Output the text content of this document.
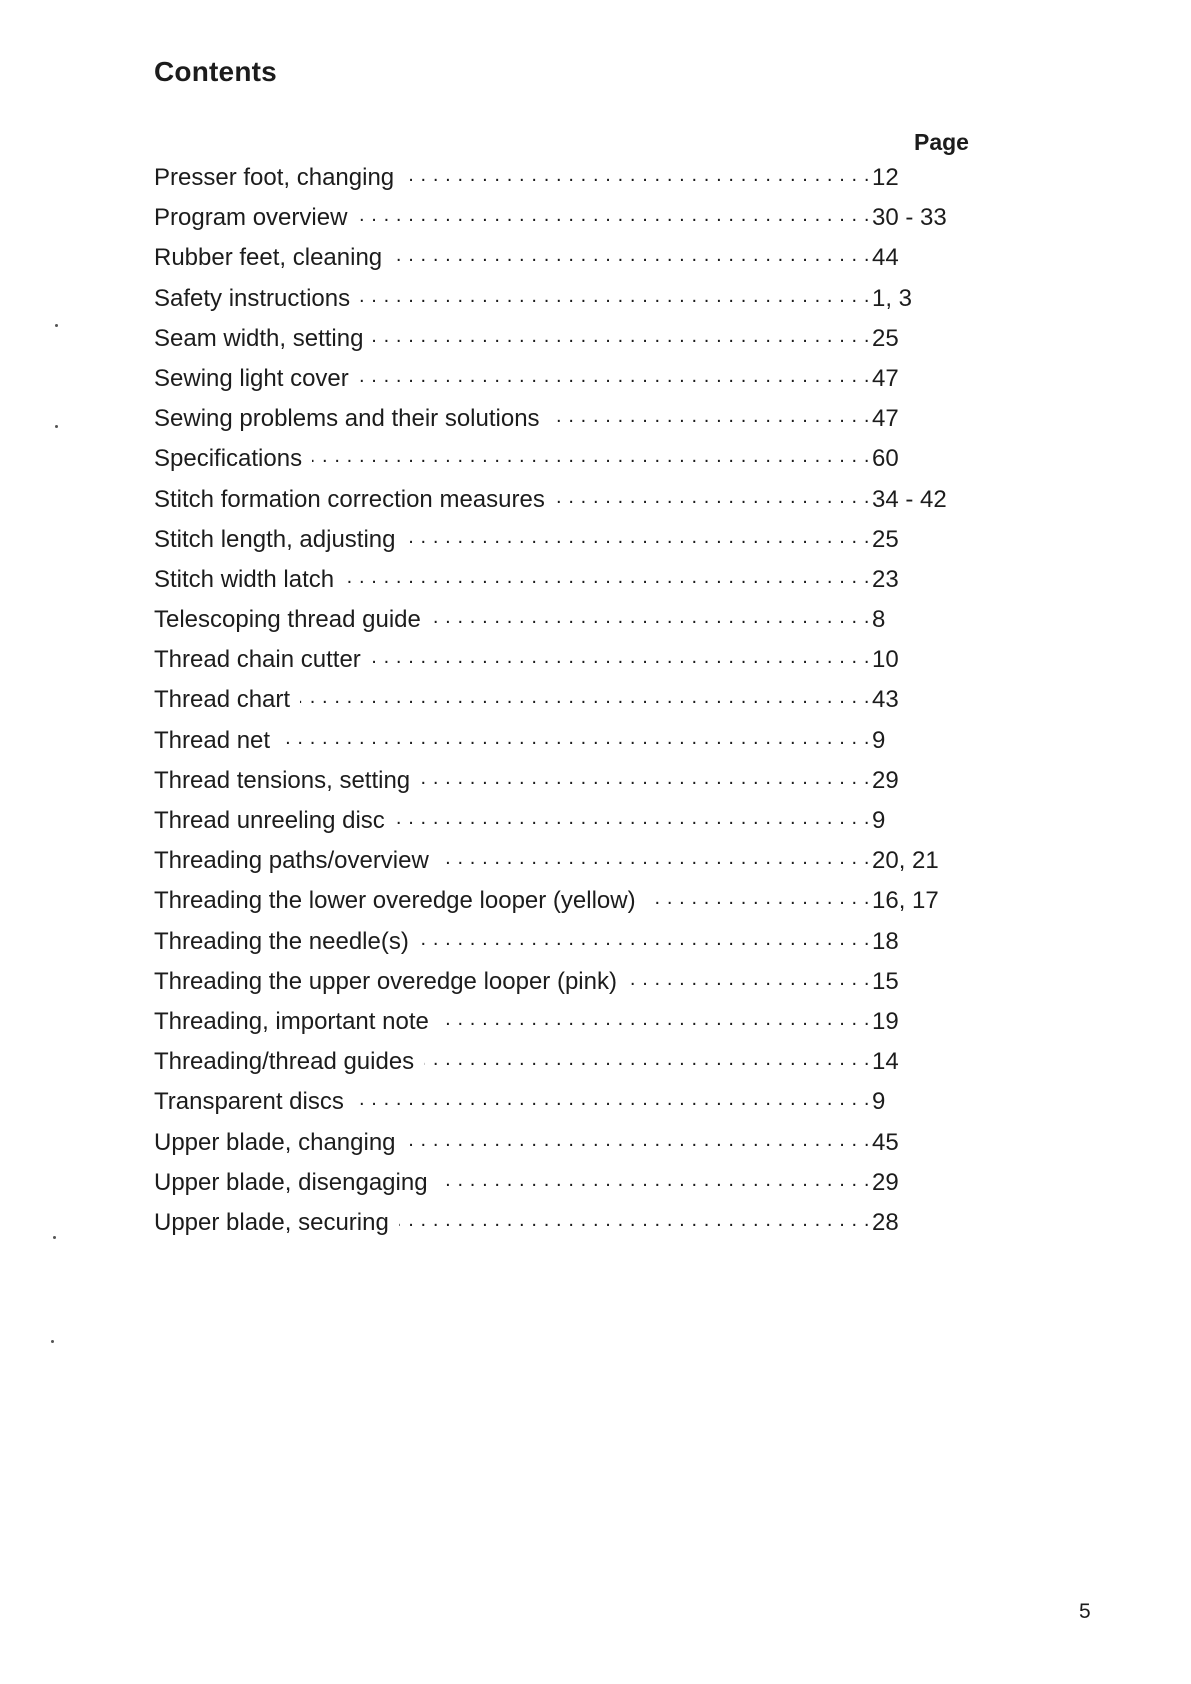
Contents
Page
Presser foot, changing . . .	12
Program overview . . .	30 - 33
Rubber feet, cleaning . . .	44
Safety instructions . . .	1, 3
Seam width, setting . . .	25
Sewing light cover . . .	47
Sewing problems and their solutions . . .	47
Specifications . . .	60
Stitch formation correction measures . . .	34 - 42
Stitch length, adjusting . . .	25
Stitch width latch . . .	23
Telescoping thread guide . . .	8
Thread chain cutter . . .	10
Thread chart . . .	43
Thread net . . .	9
Thread tensions, setting . . .	29
Thread unreeling disc . . .	9
Threading paths/overview . . .	20, 21
Threading the lower overedge looper (yellow) . . .	16, 17
Threading the needle(s) . . .	18
Threading the upper overedge looper (pink) . . .	15
Threading, important note . . .	19
Threading/thread guides . . .	14
Transparent discs . . .	9
Upper blade, changing . . .	45
Upper blade, disengaging . . .	29
Upper blade, securing . . .	28
5
